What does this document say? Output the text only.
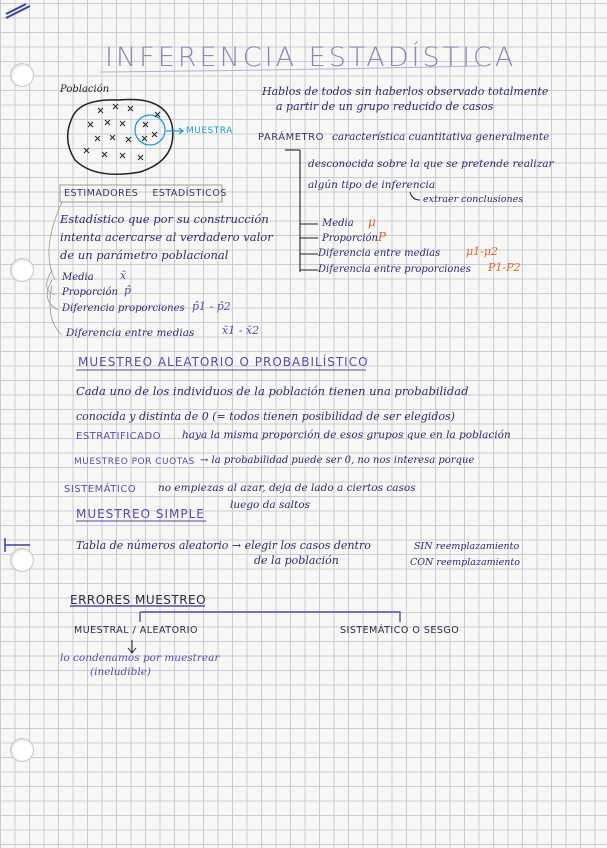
INFERENCIA ESTADÍSTICA
Población
MUESTRA
Hablos de todos sin haberlos observado totalmente
a partir de un grupo reducido de casos
PARÁMETRO característica cuantitativa generalmente
desconocida sobre la que se pretende realizar
algún tipo de inferencia
extraer conclusiones
Media μ
Proporción P
Diferencia entre medias μ1-μ2
Diferencia entre proporciones P1-P2
ESTIMADORES    ESTADÍSTICOS
Estadístico que por su construcción
intenta acercarse al verdadero valor
de un parámetro poblacional
Media x̄
Proporción p̂
Diferencia proporciones p̂1 - p̂2
Diferencia entre medias	x̄1 - x̄2
MUESTREO ALEATORIO O PROBABILÍSTICO
Cada uno de los individuos de la población tienen una probabilidad
conocida y distinta de 0 (= todos tienen posibilidad de ser elegidos)
ESTRATIFICADO haya la misma proporción de esos grupos que en la población
MUESTREO POR CUOTAS → la probabilidad puede ser 0, no nos interesa porque
SISTEMÁTICO no empiezas al azar, deja de lado a ciertos casos
luego da saltos
MUESTREO SIMPLE
Tabla de números aleatorio → elegir los casos dentro
de la población
SIN reemplazamiento
CON reemplazamiento
ERRORES MUESTREO
MUESTRAL / ALEATORIO	SISTEMÁTICO O SESGO
lo condenamos por muestrear
(ineludible)
